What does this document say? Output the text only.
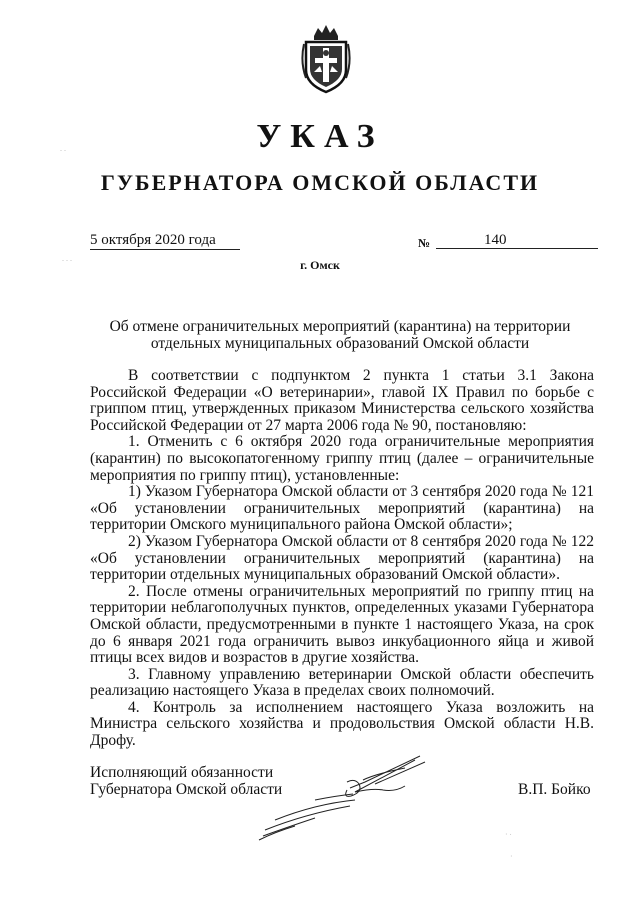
УКАЗ
ГУБЕРНАТОРА ОМСКОЙ ОБЛАСТИ
5 октября 2020 года	№	140
г. Омск
Об отмене ограничительных мероприятий (карантина) на территории
отдельных муниципальных образований Омской области

В соответствии с подпунктом 2 пункта 1 статьи 3.1 Закона Российской Федерации «О ветеринарии», главой IX Правил по борьбе с гриппом птиц, утвержденных приказом Министерства сельского хозяйства Российской Федерации от 27 марта 2006 года № 90, постановляю:

1. Отменить с 6 октября 2020 года ограничительные мероприятия (карантин) по высокопатогенному гриппу птиц (далее – ограничительные мероприятия по гриппу птиц), установленные:

1) Указом Губернатора Омской области от 3 сентября 2020 года № 121 «Об установлении ограничительных мероприятий (карантина) на территории Омского муниципального района Омской области»;

2) Указом Губернатора Омской области от 8 сентября 2020 года № 122 «Об установлении ограничительных мероприятий (карантина) на территории отдельных муниципальных образований Омской области».

2. После отмены ограничительных мероприятий по гриппу птиц на территории неблагополучных пунктов, определенных указами Губернатора Омской области, предусмотренными в пункте 1 настоящего Указа, на срок до 6 января 2021 года ограничить вывоз инкубационного яйца и живой птицы всех видов и возрастов в другие хозяйства.

3. Главному управлению ветеринарии Омской области обеспечить реализацию настоящего Указа в пределах своих полномочий.

4. Контроль за исполнением настоящего Указа возложить на Министра сельского хозяйства и продовольствия Омской области Н.В. Дрофу.

Исполняющий обязанности
Губернатора Омской области	В.П. Бойко
. .
. . .
· ∙
·
